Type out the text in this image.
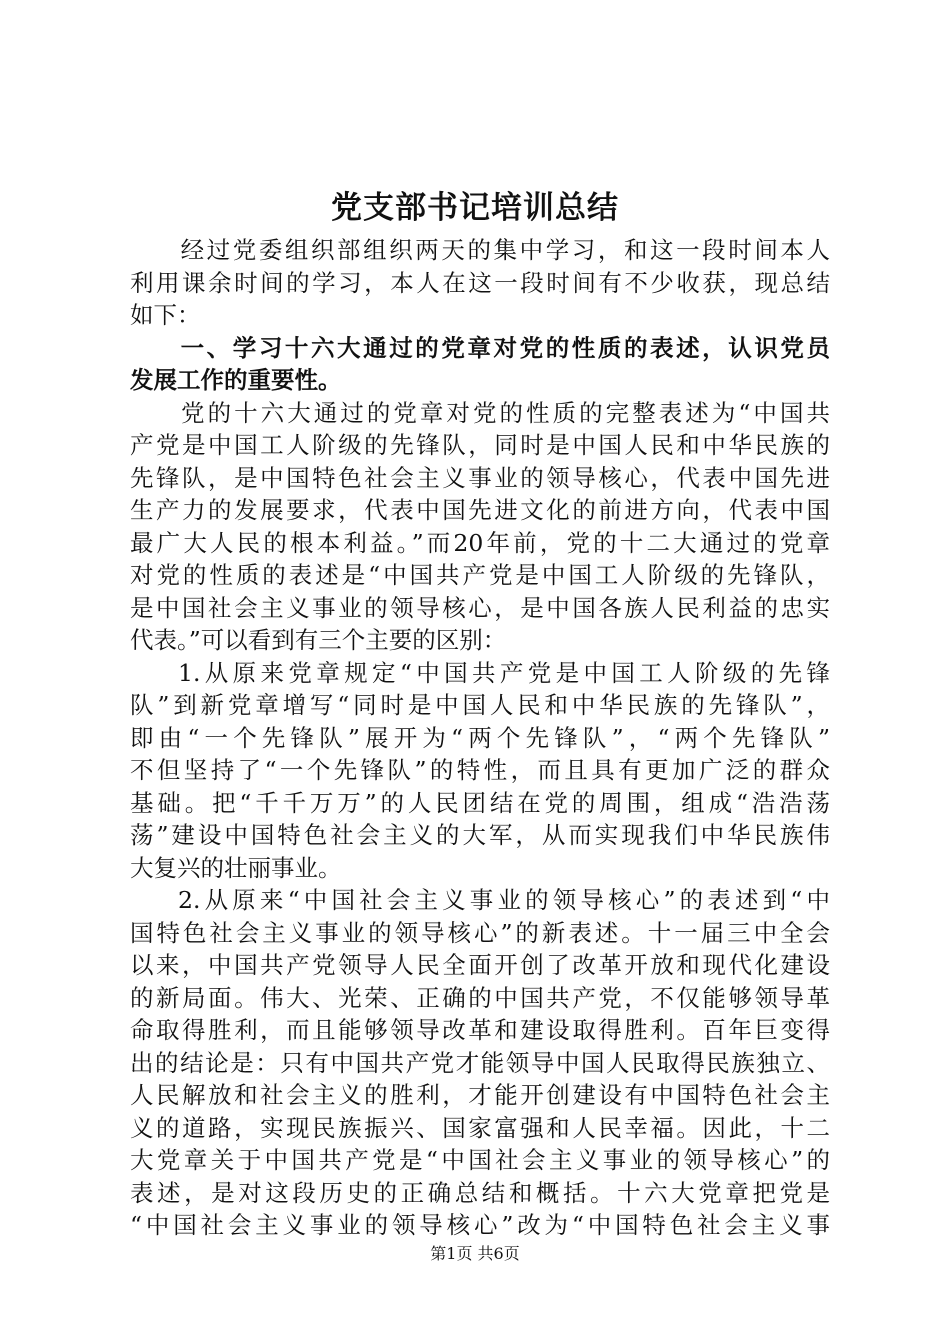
党支部书记培训总结
经过党委组织部组织两天的集中学习，和这一段时间本人
利用课余时间的学习，本人在这一段时间有不少收获，现总结
如下：
一、学习十六大通过的党章对党的性质的表述，认识党员
发展工作的重要性。
党的十六大通过的党章对党的性质的完整表述为“中国共
产党是中国工人阶级的先锋队，同时是中国人民和中华民族的
先锋队，是中国特色社会主义事业的领导核心，代表中国先进
生产力的发展要求，代表中国先进文化的前进方向，代表中国
最广大人民的根本利益。”而20年前，党的十二大通过的党章
对党的性质的表述是“中国共产党是中国工人阶级的先锋队，
是中国社会主义事业的领导核心，是中国各族人民利益的忠实
代表。”可以看到有三个主要的区别：
1.从原来党章规定“中国共产党是中国工人阶级的先锋
队”到新党章增写“同时是中国人民和中华民族的先锋队”，
即由“一个先锋队”展开为“两个先锋队”，“两个先锋队”
不但坚持了“一个先锋队”的特性，而且具有更加广泛的群众
基础。把“千千万万”的人民团结在党的周围，组成“浩浩荡
荡”建设中国特色社会主义的大军，从而实现我们中华民族伟
大复兴的壮丽事业。
2.从原来“中国社会主义事业的领导核心”的表述到“中
国特色社会主义事业的领导核心”的新表述。十一届三中全会
以来，中国共产党领导人民全面开创了改革开放和现代化建设
的新局面。伟大、光荣、正确的中国共产党，不仅能够领导革
命取得胜利，而且能够领导改革和建设取得胜利。百年巨变得
出的结论是：只有中国共产党才能领导中国人民取得民族独立、
人民解放和社会主义的胜利，才能开创建设有中国特色社会主
义的道路，实现民族振兴、国家富强和人民幸福。因此，十二
大党章关于中国共产党是“中国社会主义事业的领导核心”的
表述，是对这段历史的正确总结和概括。十六大党章把党是
“中国社会主义事业的领导核心”改为“中国特色社会主义事
第1页 共6页
